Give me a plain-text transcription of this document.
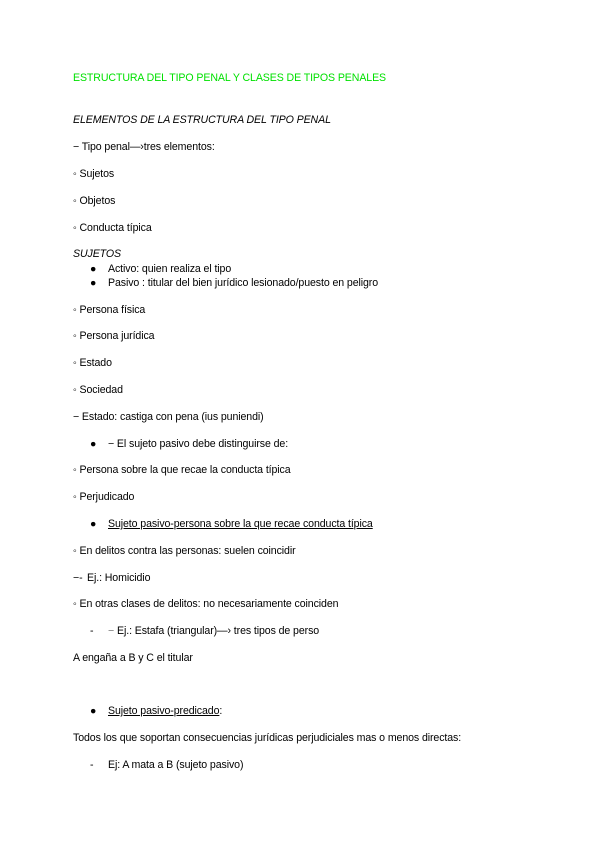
ESTRUCTURA DEL TIPO PENAL Y CLASES DE TIPOS PENALES
ELEMENTOS DE LA ESTRUCTURA DEL TIPO PENAL
− Tipo penal—›tres elementos:
◦ Sujetos
◦ Objetos
◦ Conducta típica
SUJETOS
● Activo: quien realiza el tipo
● Pasivo : titular del bien jurídico lesionado/puesto en peligro
◦ Persona física
◦ Persona jurídica
◦ Estado
◦ Sociedad
− Estado: castiga con pena (ius puniendi)
● − El sujeto pasivo debe distinguirse de:
◦ Persona sobre la que recae la conducta típica
◦ Perjudicado
● Sujeto pasivo-persona sobre la que recae conducta típica
◦ En delitos contra las personas: suelen coincidir
−- Ej.: Homicidio
◦ En otras clases de delitos: no necesariamente coinciden
- − Ej.: Estafa (triangular)—› tres tipos de perso
A engaña a B y C el titular
● Sujeto pasivo-predicado:
Todos los que soportan consecuencias jurídicas perjudiciales mas o menos directas:
- Ej: A mata a B (sujeto pasivo)
